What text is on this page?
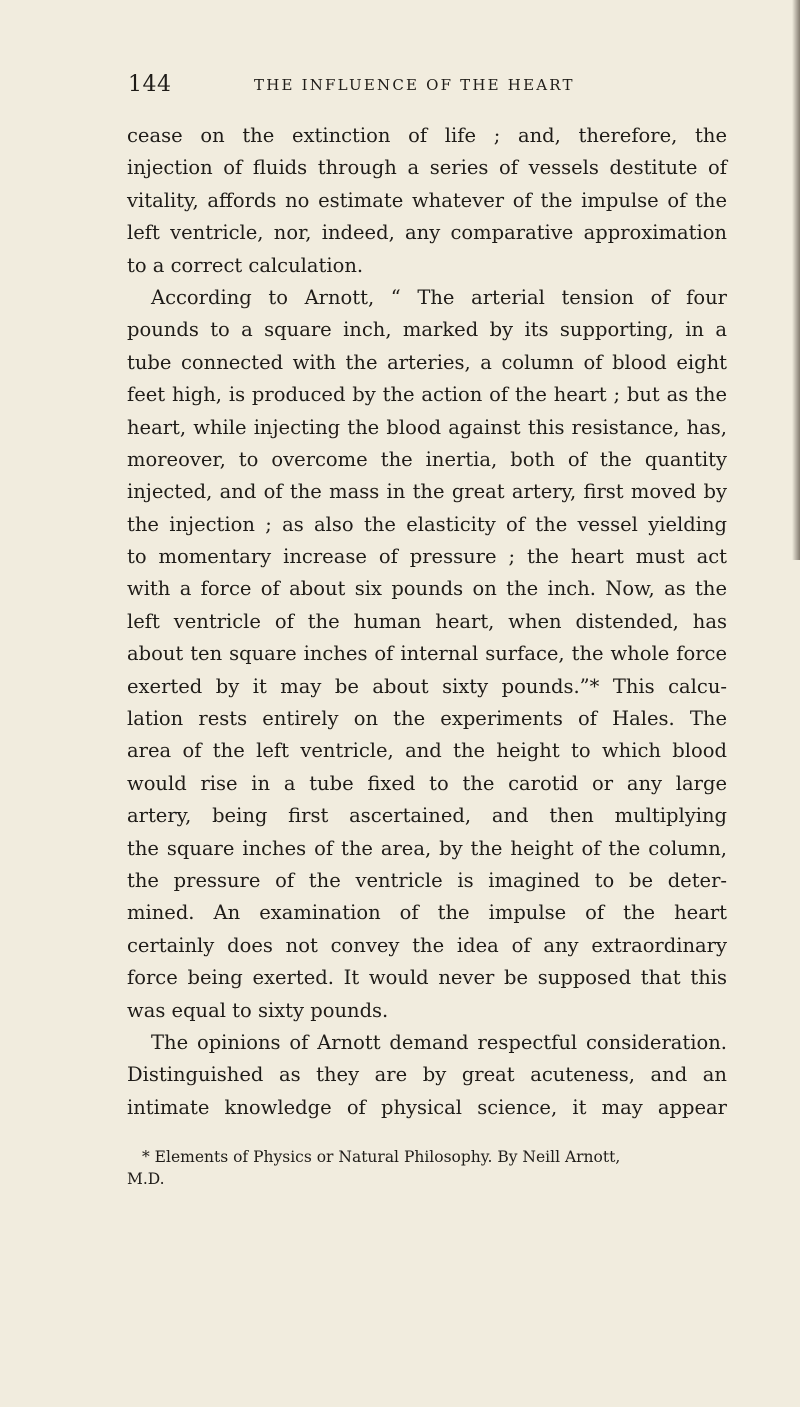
144	THE INFLUENCE OF THE HEART
cease on the extinction of life ; and, therefore, the
injection of fluids through a series of vessels destitute of
vitality, affords no estimate whatever of the impulse of the
left ventricle, nor, indeed, any comparative approximation
to a correct calculation.
According to Arnott, “ The arterial tension of four
pounds to a square inch, marked by its supporting, in a
tube connected with the arteries, a column of blood eight
feet high, is produced by the action of the heart ; but as the
heart, while injecting the blood against this resistance, has,
moreover, to overcome the inertia, both of the quantity
injected, and of the mass in the great artery, first moved by
the injection ; as also the elasticity of the vessel yielding
to momentary increase of pressure ; the heart must act
with a force of about six pounds on the inch. Now, as the
left ventricle of the human heart, when distended, has
about ten square inches of internal surface, the whole force
exerted by it may be about sixty pounds.”* This calcu-
lation rests entirely on the experiments of Hales. The
area of the left ventricle, and the height to which blood
would rise in a tube fixed to the carotid or any large
artery, being first ascertained, and then multiplying
the square inches of the area, by the height of the column,
the pressure of the ventricle is imagined to be deter-
mined. An examination of the impulse of the heart
certainly does not convey the idea of any extraordinary
force being exerted. It would never be supposed that this
was equal to sixty pounds.
The opinions of Arnott demand respectful consideration.
Distinguished as they are by great acuteness, and an
intimate knowledge of physical science, it may appear
* Elements of Physics or Natural Philosophy. By Neill Arnott,
M.D.
